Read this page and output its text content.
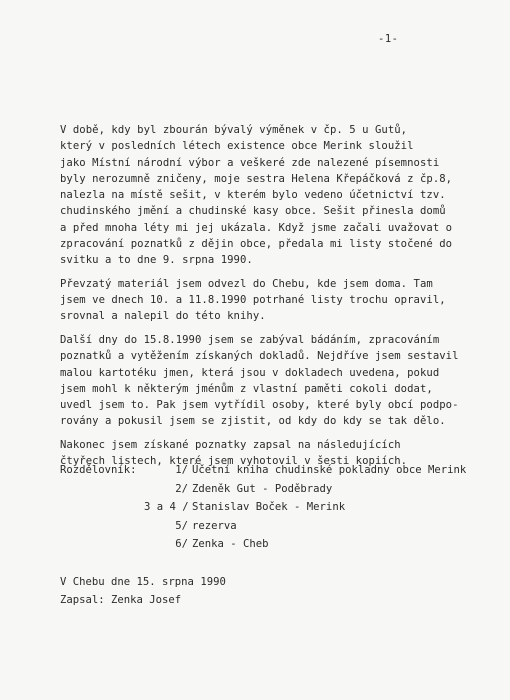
-1-
V době, kdy byl zbourán bývalý výměnek v čp. 5 u Gutů,
který v posledních létech existence obce Merink sloužil
jako Místní národní výbor a veškeré zde nalezené písemnosti
byly nerozumně zničeny, moje sestra Helena Křepáčková z čp.8,
nalezla na místě sešit, v kterém bylo vedeno účetnictví tzv.
chudinského jmění a chudinské kasy obce. Sešit přinesla domů
a před mnoha léty mi jej ukázala. Když jsme začali uvažovat o
zpracování poznatků z dějin obce, předala mi listy stočené do
svitku a to dne 9. srpna 1990.
Převzatý materiál jsem odvezl do Chebu, kde jsem doma. Tam
jsem ve dnech 10. a 11.8.1990 potrhané listy trochu opravil,
srovnal a nalepil do této knihy.
Další dny do 15.8.1990 jsem se zabýval bádáním, zpracováním
poznatků a vytěžením získaných dokladů. Nejdříve jsem sestavil
malou kartotéku jmen, která jsou v dokladech uvedena, pokud
jsem mohl k některým jménům z vlastní paměti cokoli dodat,
uvedl jsem to. Pak jsem vytřídil osoby, které byly obcí podpo-
rovány a pokusil jsem se zjistit, od kdy do kdy se tak dělo.
Nakonec jsem získané poznatky zapsal na následujících
čtyřech listech, které jsem vyhotovil v šesti kopiích.
Rozdělovník:	1/ Účetní kniha chudinské pokladny obce Merink
2/ Zdeněk Gut - Poděbrady
3 a 4 / Stanislav Boček - Merink
5/ rezerva
6/ Zenka - Cheb
V Chebu dne 15. srpna 1990
Zapsal: Zenka Josef
